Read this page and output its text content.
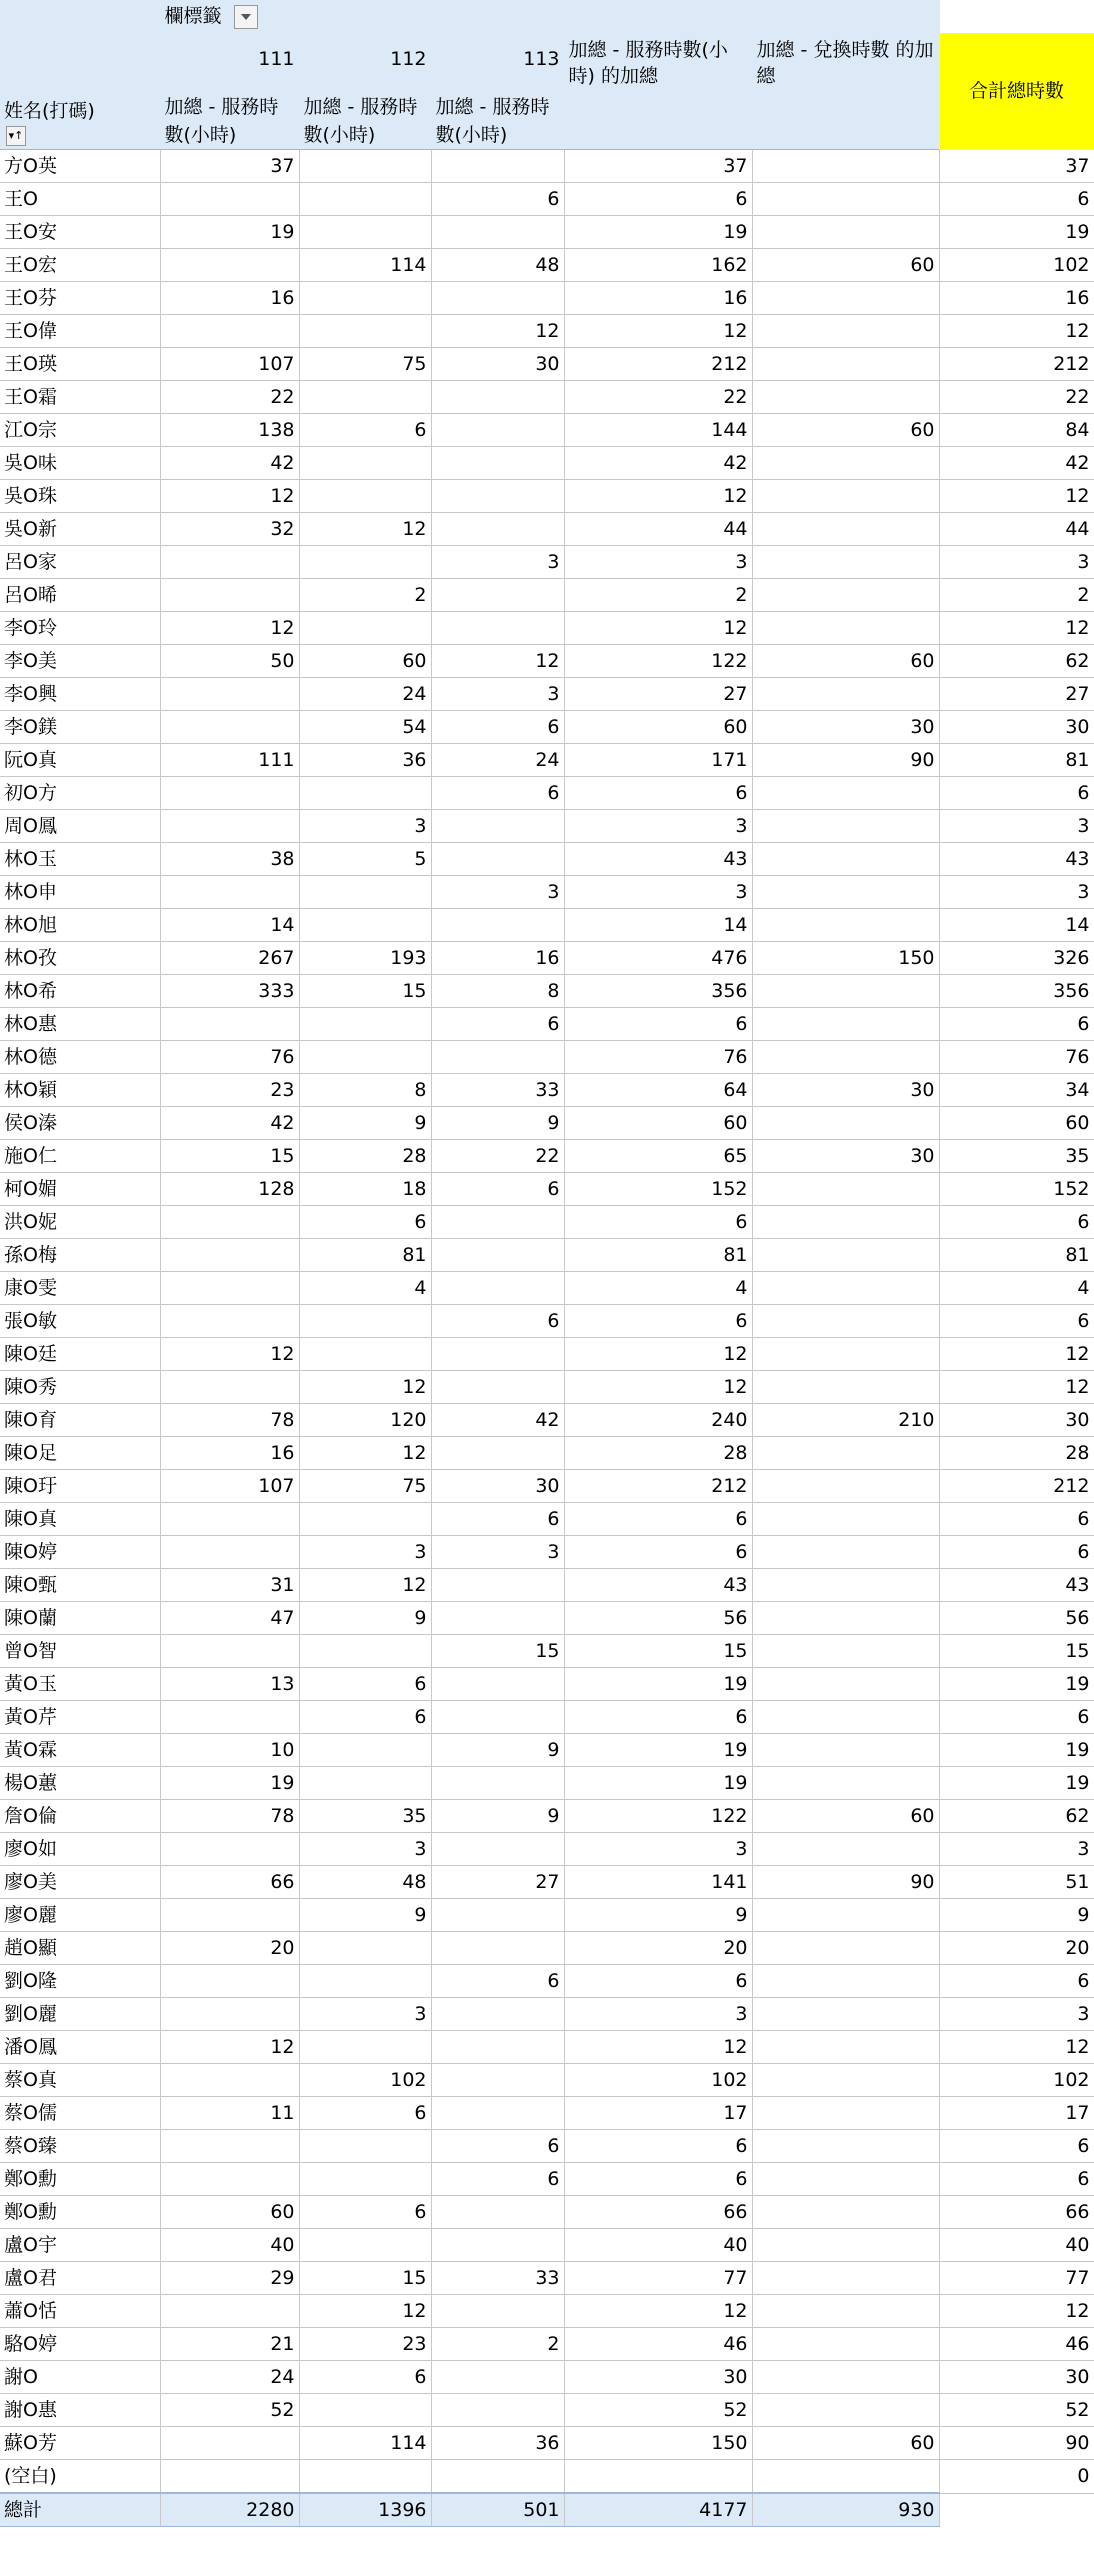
	欄標籤					
	111	112	113	加總 - 服務時數(小時) 的加總	加總 - 兌換時數 的加總	合計總時數

姓名(打碼)
▾↑	加總 - 服務時數(小時)	加總 - 服務時數(小時)	加總 - 服務時數(小時)			
方O英	37			37		37
王O			6	6		6
王O安	19			19		19
王O宏		114	48	162	60	102
王O芬	16			16		16
王O偉			12	12		12
王O瑛	107	75	30	212		212
王O霜	22			22		22
江O宗	138	6		144	60	84
吳O味	42			42		42
吳O珠	12			12		12
吳O新	32	12		44		44
呂O家			3	3		3
呂O晞		2		2		2
李O玲	12			12		12
李O美	50	60	12	122	60	62
李O興		24	3	27		27
李O鎂		54	6	60	30	30
阮O真	111	36	24	171	90	81
初O方			6	6		6
周O鳳		3		3		3
林O玉	38	5		43		43
林O申			3	3		3
林O旭	14			14		14
林O孜	267	193	16	476	150	326
林O希	333	15	8	356		356
林O惠			6	6		6
林O德	76			76		76
林O穎	23	8	33	64	30	34
侯O溱	42	9	9	60		60
施O仁	15	28	22	65	30	35
柯O媚	128	18	6	152		152
洪O妮		6		6		6
孫O梅		81		81		81
康O雯		4		4		4
張O敏			6	6		6
陳O廷	12			12		12
陳O秀		12		12		12
陳O育	78	120	42	240	210	30
陳O足	16	12		28		28
陳O玗	107	75	30	212		212
陳O真			6	6		6
陳O婷		3	3	6		6
陳O甄	31	12		43		43
陳O蘭	47	9		56		56
曾O智			15	15		15
黃O玉	13	6		19		19
黃O芹		6		6		6
黃O霖	10		9	19		19
楊O蕙	19			19		19
詹O倫	78	35	9	122	60	62
廖O如		3		3		3
廖O美	66	48	27	141	90	51
廖O麗		9		9		9
趙O顯	20			20		20
劉O隆			6	6		6
劉O麗		3		3		3
潘O鳳	12			12		12
蔡O真		102		102		102
蔡O儒	11	6		17		17
蔡O臻			6	6		6
鄭O勳			6	6		6
鄭O勳	60	6		66		66
盧O宇	40			40		40
盧O君	29	15	33	77		77
蕭O恬		12		12		12
駱O婷	21	23	2	46		46
謝O	24	6		30		30
謝O惠	52			52		52
蘇O芳		114	36	150	60	90
(空白)						0
總計	2280	1396	501	4177	930	
